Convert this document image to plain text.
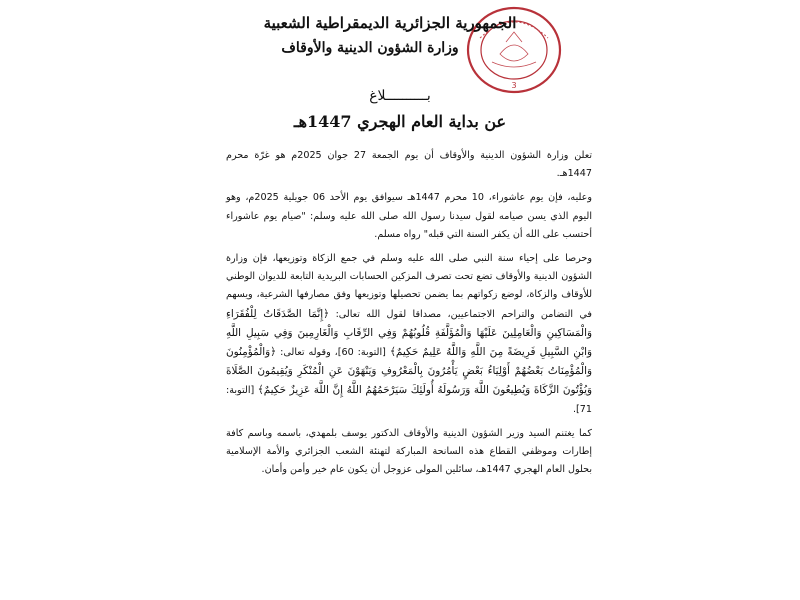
3
الجمهورية الجزائرية الديمقراطية الشعبية
وزارة الشؤون الدينية والأوقاف
بــــــــــلاغ
عن بداية العام الهجري 1447هـ

تعلن وزارة الشؤون الدينية والأوقاف أن يوم الجمعة 27 جوان 2025م هو غرّة محرم 1447هـ.

وعليه، فإن يوم عاشوراء، 10 محرم 1447هـ سيوافق يوم الأحد 06 جويلية 2025م، وهو اليوم الذي يسن صيامه لقول سيدنا رسول الله صلى الله عليه وسلم: "صيام يوم عاشوراء أحتسب على الله أن يكفر السنة التي قبله" رواه مسلم.

وحرصا على إحياء سنة النبي صلى الله عليه وسلم في جمع الزكاة وتوزيعها، فإن وزارة الشؤون الدينية والأوقاف تضع تحت تصرف المزكين الحسابات البريدية التابعة للديوان الوطني للأوقاف والزكاة، لوضع زكواتهم بما يضمن تحصيلها وتوزيعها وفق مصارفها الشرعية، ويسهم في التضامن والتراحم الاجتماعيين، مصداقا لقول الله تعالى: ﴿إِنَّمَا الصَّدَقَاتُ لِلْفُقَرَاءِ وَالْمَسَاكِينِ وَالْعَامِلِينَ عَلَيْهَا وَالْمُؤَلَّفَةِ قُلُوبُهُمْ وَفِي الرِّقَابِ وَالْغَارِمِينَ وَفِي سَبِيلِ اللَّهِ وَابْنِ السَّبِيلِ فَرِيضَةً مِنَ اللَّهِ وَاللَّهُ عَلِيمٌ حَكِيمٌ﴾ [التوبة: 60]، وقوله تعالى: ﴿وَالْمُؤْمِنُونَ وَالْمُؤْمِنَاتُ بَعْضُهُمْ أَوْلِيَاءُ بَعْضٍ يَأْمُرُونَ بِالْمَعْرُوفِ وَيَنْهَوْنَ عَنِ الْمُنْكَرِ وَيُقِيمُونَ الصَّلَاةَ وَيُؤْتُونَ الزَّكَاةَ وَيُطِيعُونَ اللَّهَ وَرَسُولَهُ أُولَئِكَ سَيَرْحَمُهُمُ اللَّهُ إِنَّ اللَّهَ عَزِيزٌ حَكِيمٌ﴾ [التوبة: 71].

كما يغتنم السيد وزير الشؤون الدينية والأوقاف الدكتور يوسف بلمهدي، باسمه وباسم كافة إطارات وموظفي القطاع هذه السانحة المباركة لتهنئة الشعب الجزائري والأمة الإسلامية بحلول العام الهجري 1447هـ، سائلين المولى عزوجل أن يكون عام خير وأمن وأمان.
